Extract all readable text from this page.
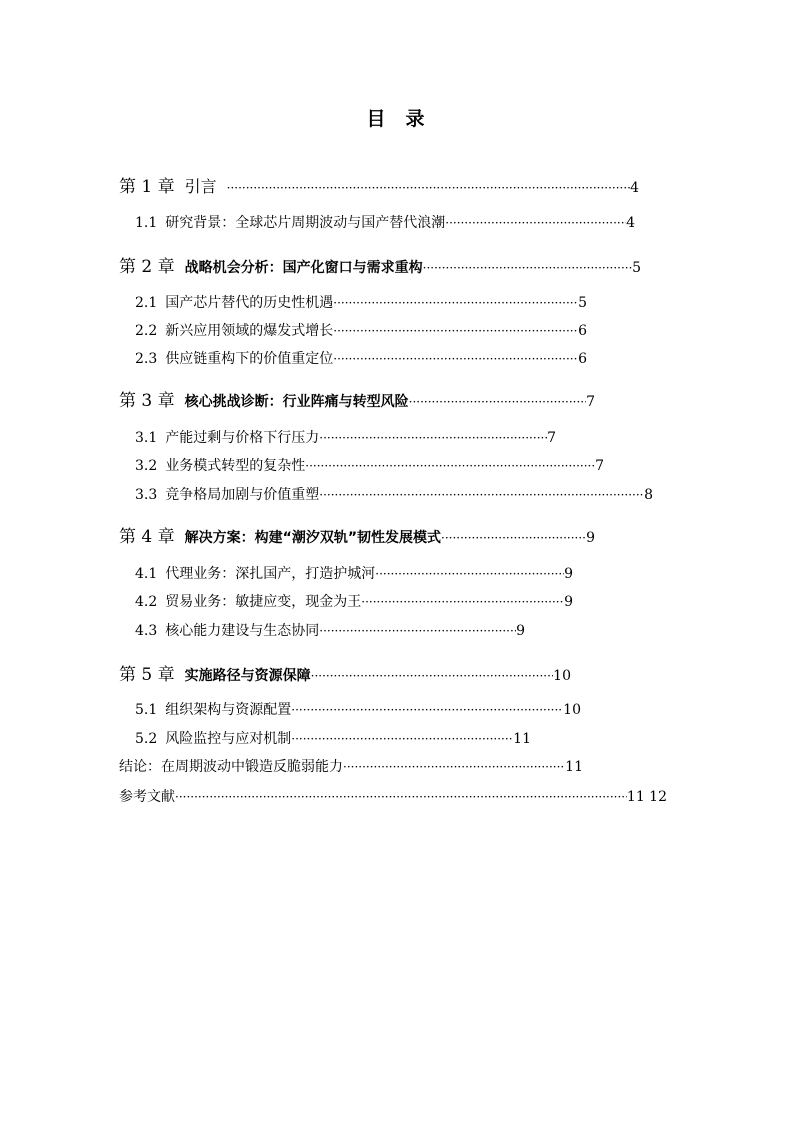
目 录
第 1 章 引言 ·····	4
1.1 研究背景：全球芯片周期波动与国产替代浪潮 ·····	4
第 2 章 战略机会分析：国产化窗口与需求重构 ·····	5
2.1 国产芯片替代的历史性机遇 ·····	5
2.2 新兴应用领域的爆发式增长 ·····	6
2.3 供应链重构下的价值重定位 ·····	6
第 3 章 核心挑战诊断：行业阵痛与转型风险 ·····	7
3.1 产能过剩与价格下行压力 ·····	7
3.2 业务模式转型的复杂性 ·····	7
3.3 竞争格局加剧与价值重塑 ·····	8
第 4 章 解决方案：构建“潮汐双轨”韧性发展模式 ·····	9
4.1 代理业务：深扎国产，打造护城河 ·····	9
4.2 贸易业务：敏捷应变，现金为王 ·····	9
4.3 核心能力建设与生态协同 ·····	9
第 5 章 实施路径与资源保障 ·····	10
5.1 组织架构与资源配置 ·····	10
5.2 风险监控与应对机制 ·····	11
结论：在周期波动中锻造反脆弱能力 ·····	11
参考文献 ·····	11 12
